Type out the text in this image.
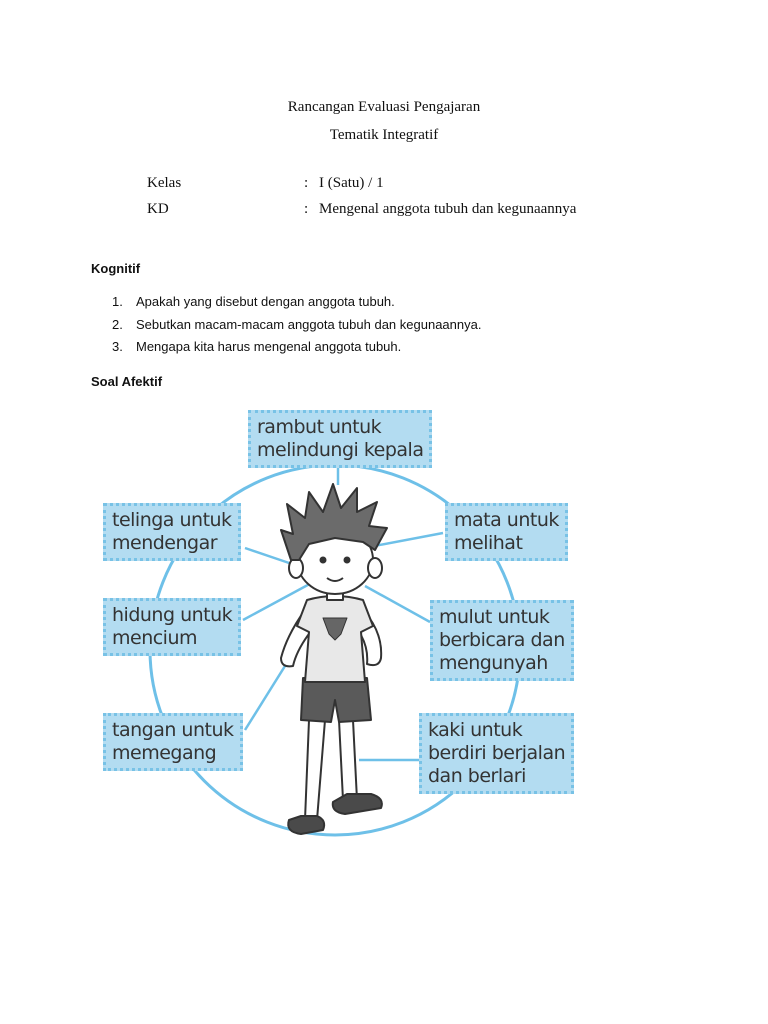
Rancangan Evaluasi Pengajaran
Tematik Integratif
Kelas	: I (Satu) / 1
KD	: Mengenal anggota tubuh dan kegunaannya
Kognitif
1. Apakah yang disebut dengan anggota tubuh.
2. Sebutkan macam-macam anggota tubuh dan kegunaannya.
3. Mengapa kita harus mengenal anggota tubuh.
Soal Afektif
rambut untuk
melindungi kepala
telinga untuk
mendengar
mata untuk
melihat
hidung untuk
mencium
mulut untuk
berbicara dan
mengunyah
tangan untuk
memegang
kaki untuk
berdiri berjalan
dan berlari
